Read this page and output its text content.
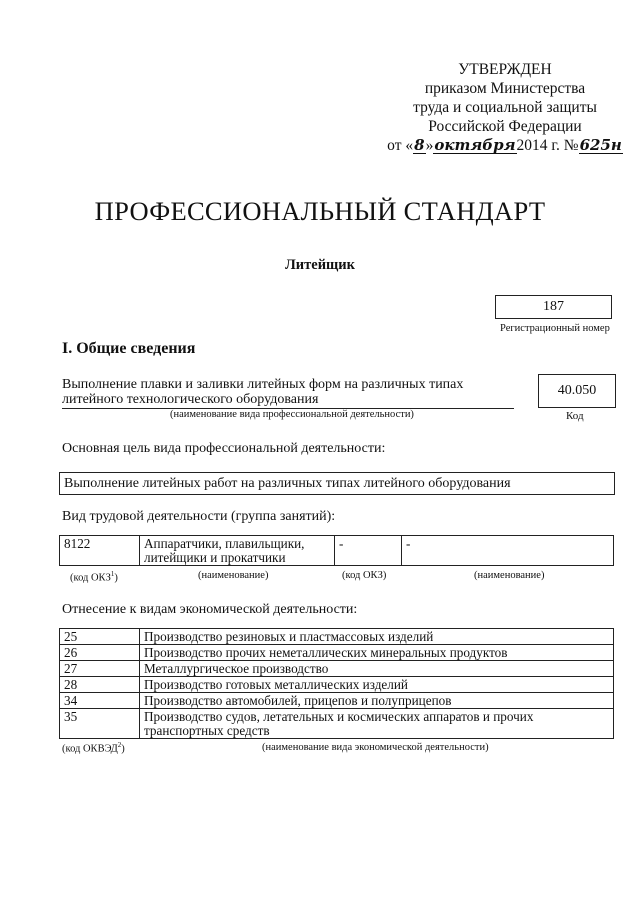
УТВЕРЖДЕН
приказом Министерства
труда и социальной защиты
Российской Федерации
от «8»октября2014 г. №625н
ПРОФЕССИОНАЛЬНЫЙ СТАНДАРТ
Литейщик
187
Регистрационный номер
I. Общие сведения
Выполнение плавки и заливки литейных форм на различных типах литейного технологического оборудования
(наименование вида профессиональной деятельности)
40.050
Код
Основная цель вида профессиональной деятельности:
Выполнение литейных работ на различных типах литейного оборудования
Вид трудовой деятельности (группа занятий):
8122	Аппаратчики, плавильщики, литейщики и прокатчики	-	-
(код ОКЗ$^1$)	(наименование)	(код ОКЗ)	(наименование)
Отнесение к видам экономической деятельности:
25	Производство резиновых и пластмассовых изделий
26	Производство прочих неметаллических минеральных продуктов
27	Металлургическое производство
28	Производство готовых металлических изделий
34	Производство автомобилей, прицепов и полуприцепов
35	Производство судов, летательных и космических аппаратов и прочих транспортных средств
(код ОКВЭД$^2$)	(наименование вида экономической деятельности)
